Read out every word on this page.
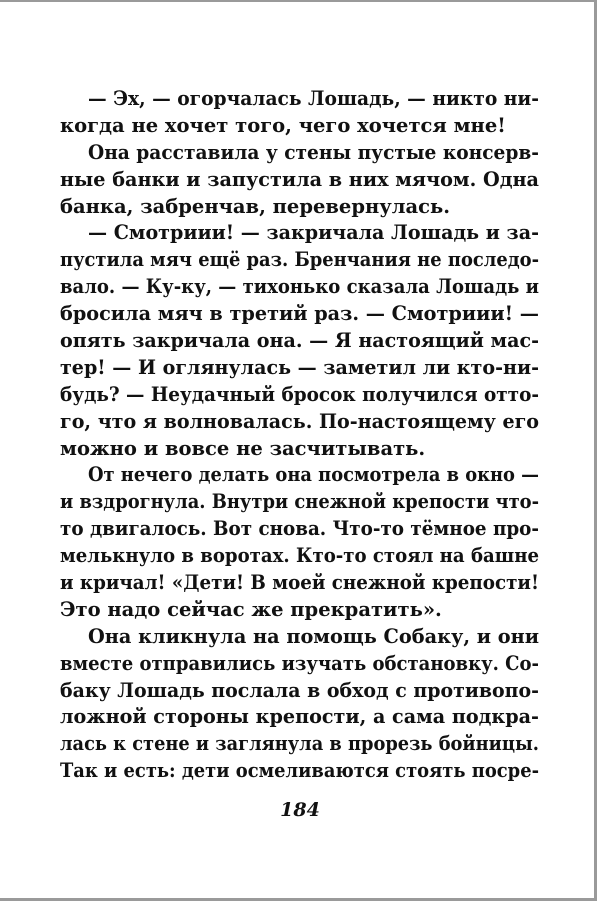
— Эх, — огорчалась Лошадь, — никто ни-
когда не хочет того, чего хочется мне!
Она расставила у стены пустые консерв-
ные банки и запустила в них мячом. Одна
банка, забренчав, перевернулась.
— Смотриии! — закричала Лошадь и за-
пустила мяч ещё раз. Бренчания не последо-
вало. — Ку-ку, — тихонько сказала Лошадь и
бросила мяч в третий раз. — Смотриии! —
опять закричала она. — Я настоящий мас-
тер! — И оглянулась — заметил ли кто-ни-
будь? — Неудачный бросок получился отто-
го, что я волновалась. По-настоящему его
можно и вовсе не засчитывать.
От нечего делать она посмотрела в окно —
и вздрогнула. Внутри снежной крепости что-
то двигалось. Вот снова. Что-то тёмное про-
мелькнуло в воротах. Кто-то стоял на башне
и кричал! «Дети! В моей снежной крепости!
Это надо сейчас же прекратить».
Она кликнула на помощь Собаку, и они
вместе отправились изучать обстановку. Со-
баку Лошадь послала в обход с противопо-
ложной стороны крепости, а сама подкра-
лась к стене и заглянула в прорезь бойницы.
Так и есть: дети осмеливаются стоять посре-
184
